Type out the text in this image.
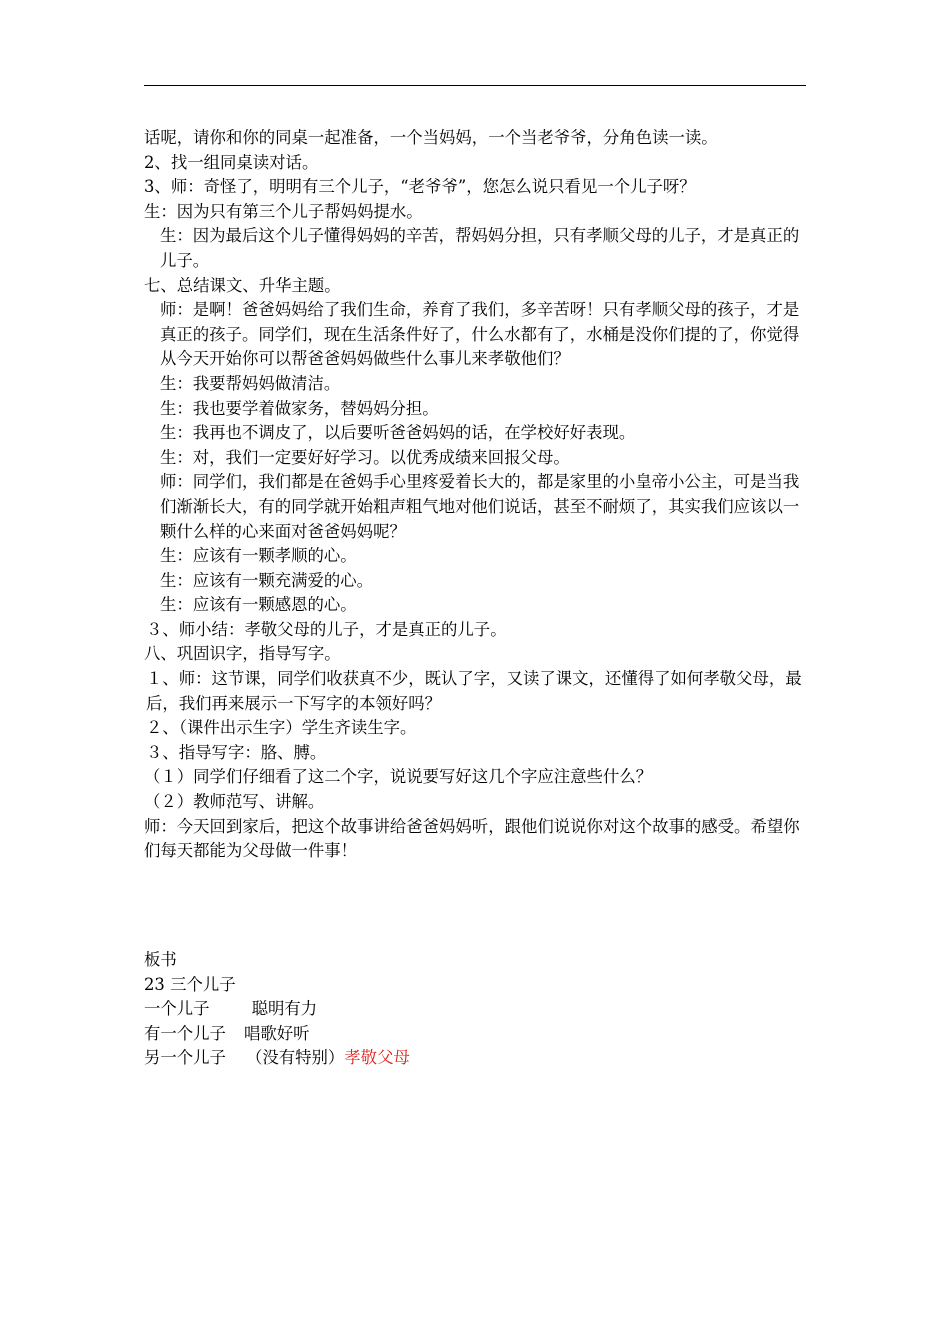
话呢，请你和你的同桌一起准备，一个当妈妈，一个当老爷爷，分角色读一读。

2、找一组同桌读对话。

3、师：奇怪了，明明有三个儿子，“老爷爷”，您怎么说只看见一个儿子呀？

生：因为只有第三个儿子帮妈妈提水。

生：因为最后这个儿子懂得妈妈的辛苦，帮妈妈分担，只有孝顺父母的儿子，才是真正的儿子。

七、总结课文、升华主题。

师：是啊！爸爸妈妈给了我们生命，养育了我们，多辛苦呀！只有孝顺父母的孩子，才是真正的孩子。同学们，现在生活条件好了，什么水都有了，水桶是没你们提的了，你觉得从今天开始你可以帮爸爸妈妈做些什么事儿来孝敬他们？

生：我要帮妈妈做清洁。

生：我也要学着做家务，替妈妈分担。

生：我再也不调皮了，以后要听爸爸妈妈的话，在学校好好表现。

生：对，我们一定要好好学习。以优秀成绩来回报父母。

师：同学们，我们都是在爸妈手心里疼爱着长大的，都是家里的小皇帝小公主，可是当我们渐渐长大，有的同学就开始粗声粗气地对他们说话，甚至不耐烦了，其实我们应该以一颗什么样的心来面对爸爸妈妈呢？

生：应该有一颗孝顺的心。

生：应该有一颗充满爱的心。

生：应该有一颗感恩的心。

３、师小结：孝敬父母的儿子，才是真正的儿子。

八、巩固识字，指导写字。

１、师：这节课，同学们收获真不少，既认了字，又读了课文，还懂得了如何孝敬父母，最后，我们再来展示一下写字的本领好吗？

２、（课件出示生字）学生齐读生字。

３、指导写字：胳、膊。

（１）同学们仔细看了这二个字，说说要写好这几个字应注意些什么？

（２）教师范写、讲解。

师：今天回到家后，把这个故事讲给爸爸妈妈听，跟他们说说你对这个故事的感受。希望你们每天都能为父母做一件事！

板书

23 三个儿子

一个儿子	聪明有力

有一个儿子 唱歌好听

另一个儿子 （没有特别）孝敬父母
